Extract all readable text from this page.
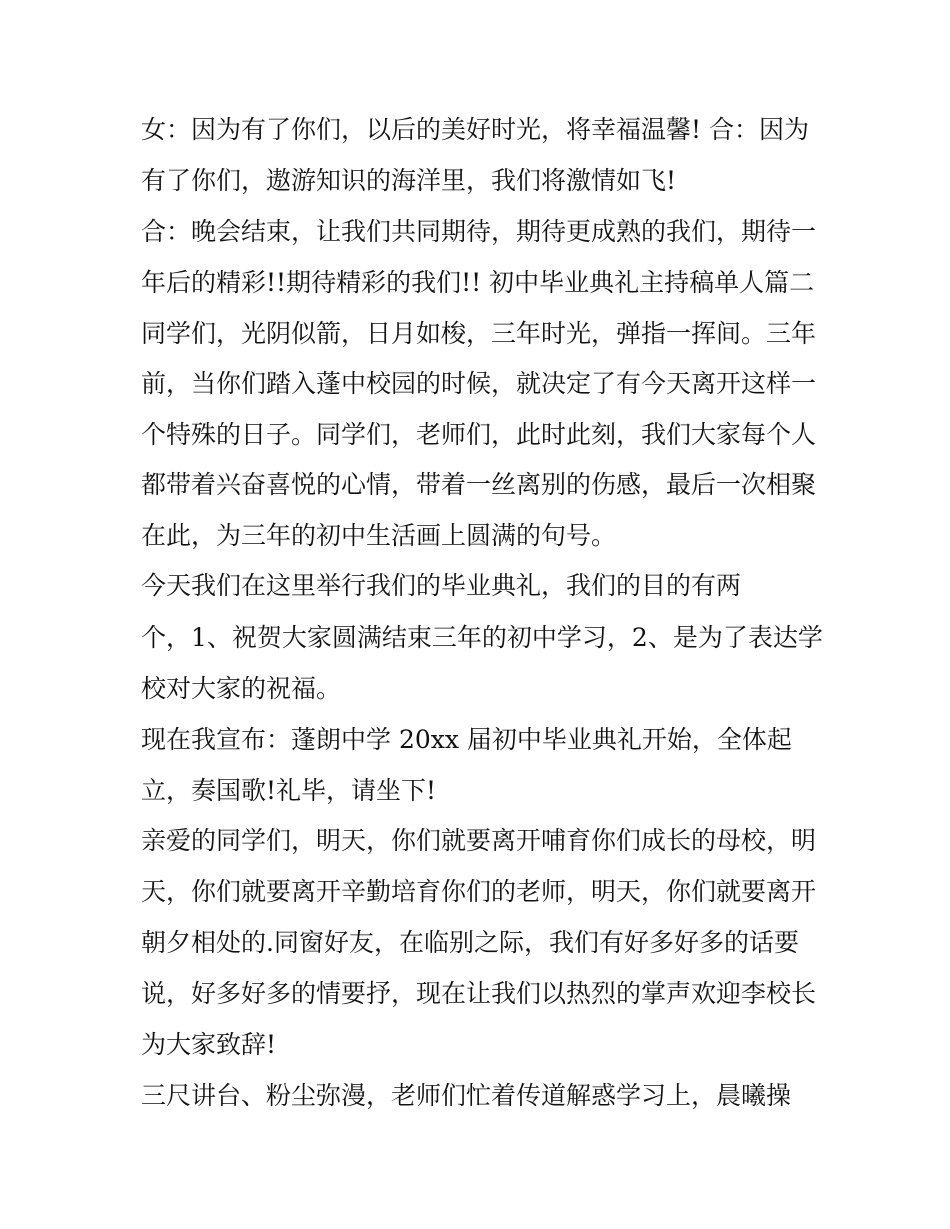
女：因为有了你们，以后的美好时光，将幸福温馨! 合：因为
有了你们，遨游知识的海洋里，我们将激情如飞!
合：晚会结束，让我们共同期待，期待更成熟的我们，期待一
年后的精彩!!期待精彩的我们!! 初中毕业典礼主持稿单人篇二
同学们，光阴似箭，日月如梭，三年时光，弹指一挥间。三年
前，当你们踏入蓬中校园的时候，就决定了有今天离开这样一
个特殊的日子。同学们，老师们，此时此刻，我们大家每个人
都带着兴奋喜悦的心情，带着一丝离别的伤感，最后一次相聚
在此，为三年的初中生活画上圆满的句号。
今天我们在这里举行我们的毕业典礼，我们的目的有两
个，1、祝贺大家圆满结束三年的初中学习，2、是为了表达学
校对大家的祝福。
现在我宣布：蓬朗中学 20xx 届初中毕业典礼开始，全体起
立，奏国歌!礼毕，请坐下!
亲爱的同学们，明天，你们就要离开哺育你们成长的母校，明
天，你们就要离开辛勤培育你们的老师，明天，你们就要离开
朝夕相处的.同窗好友，在临别之际，我们有好多好多的话要
说，好多好多的情要抒，现在让我们以热烈的掌声欢迎李校长
为大家致辞!
三尺讲台、粉尘弥漫，老师们忙着传道解惑学习上，晨曦操
